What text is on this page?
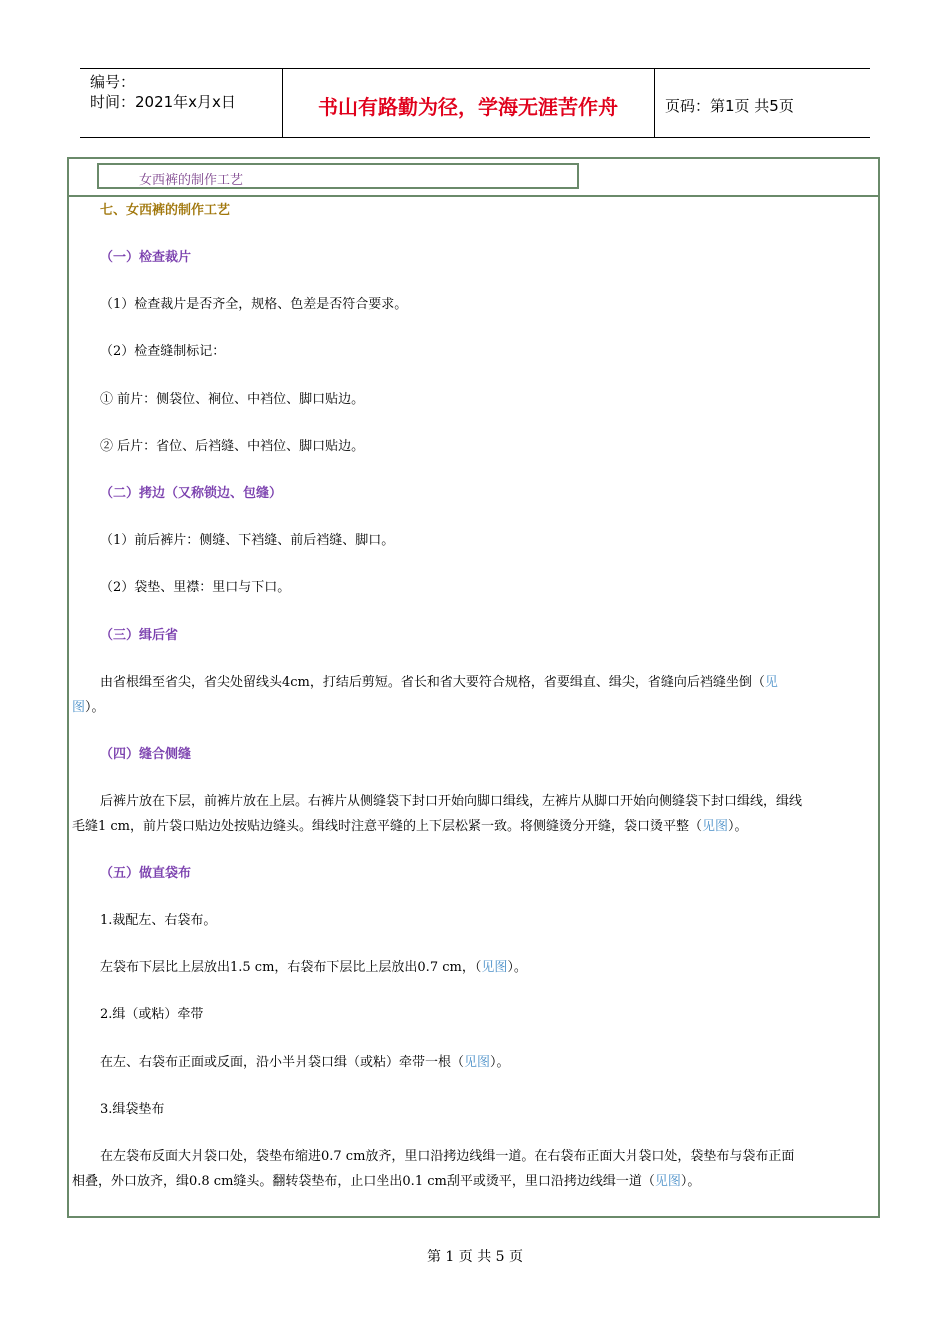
编号：
时间：2021年x月x日	书山有路勤为径，学海无涯苦作舟	页码：第1页 共5页
女西裤的制作工艺
七、女西裤的制作工艺
（一）检查裁片
（1）检查裁片是否齐全，规格、色差是否符合要求。
（2）检查缝制标记：
① 前片：侧袋位、裥位、中裆位、脚口贴边。
② 后片：省位、后裆缝、中裆位、脚口贴边。
（二）拷边（又称锁边、包缝）
（1）前后裤片：侧缝、下裆缝、前后裆缝、脚口。
（2）袋垫、里襟：里口与下口。
（三）缉后省
由省根缉至省尖，省尖处留线头4cm，打结后剪短。省长和省大要符合规格，省要缉直、缉尖，省缝向后裆缝坐倒（见
图）。
（四）缝合侧缝
后裤片放在下层，前裤片放在上层。右裤片从侧缝袋下封口开始向脚口缉线，左裤片从脚口开始向侧缝袋下封口缉线，缉线
毛缝1 cm，前片袋口贴边处按贴边缝头。缉线时注意平缝的上下层松紧一致。将侧缝烫分开缝，袋口烫平整（见图）。
（五）做直袋布
1.裁配左、右袋布。
左袋布下层比上层放出1.5 cm，右袋布下层比上层放出0.7 cm，（见图）。
2.缉（或粘）牵带
在左、右袋布正面或反面，沿小半爿袋口缉（或粘）牵带一根（见图）。
3.缉袋垫布
在左袋布反面大爿袋口处，袋垫布缩进0.7 cm放齐，里口沿拷边线缉一道。在右袋布正面大爿袋口处，袋垫布与袋布正面
相叠，外口放齐，缉0.8 cm缝头。翻转袋垫布，止口坐出0.1 cm刮平或烫平，里口沿拷边线缉一道（见图）。
第 1 页 共 5 页
